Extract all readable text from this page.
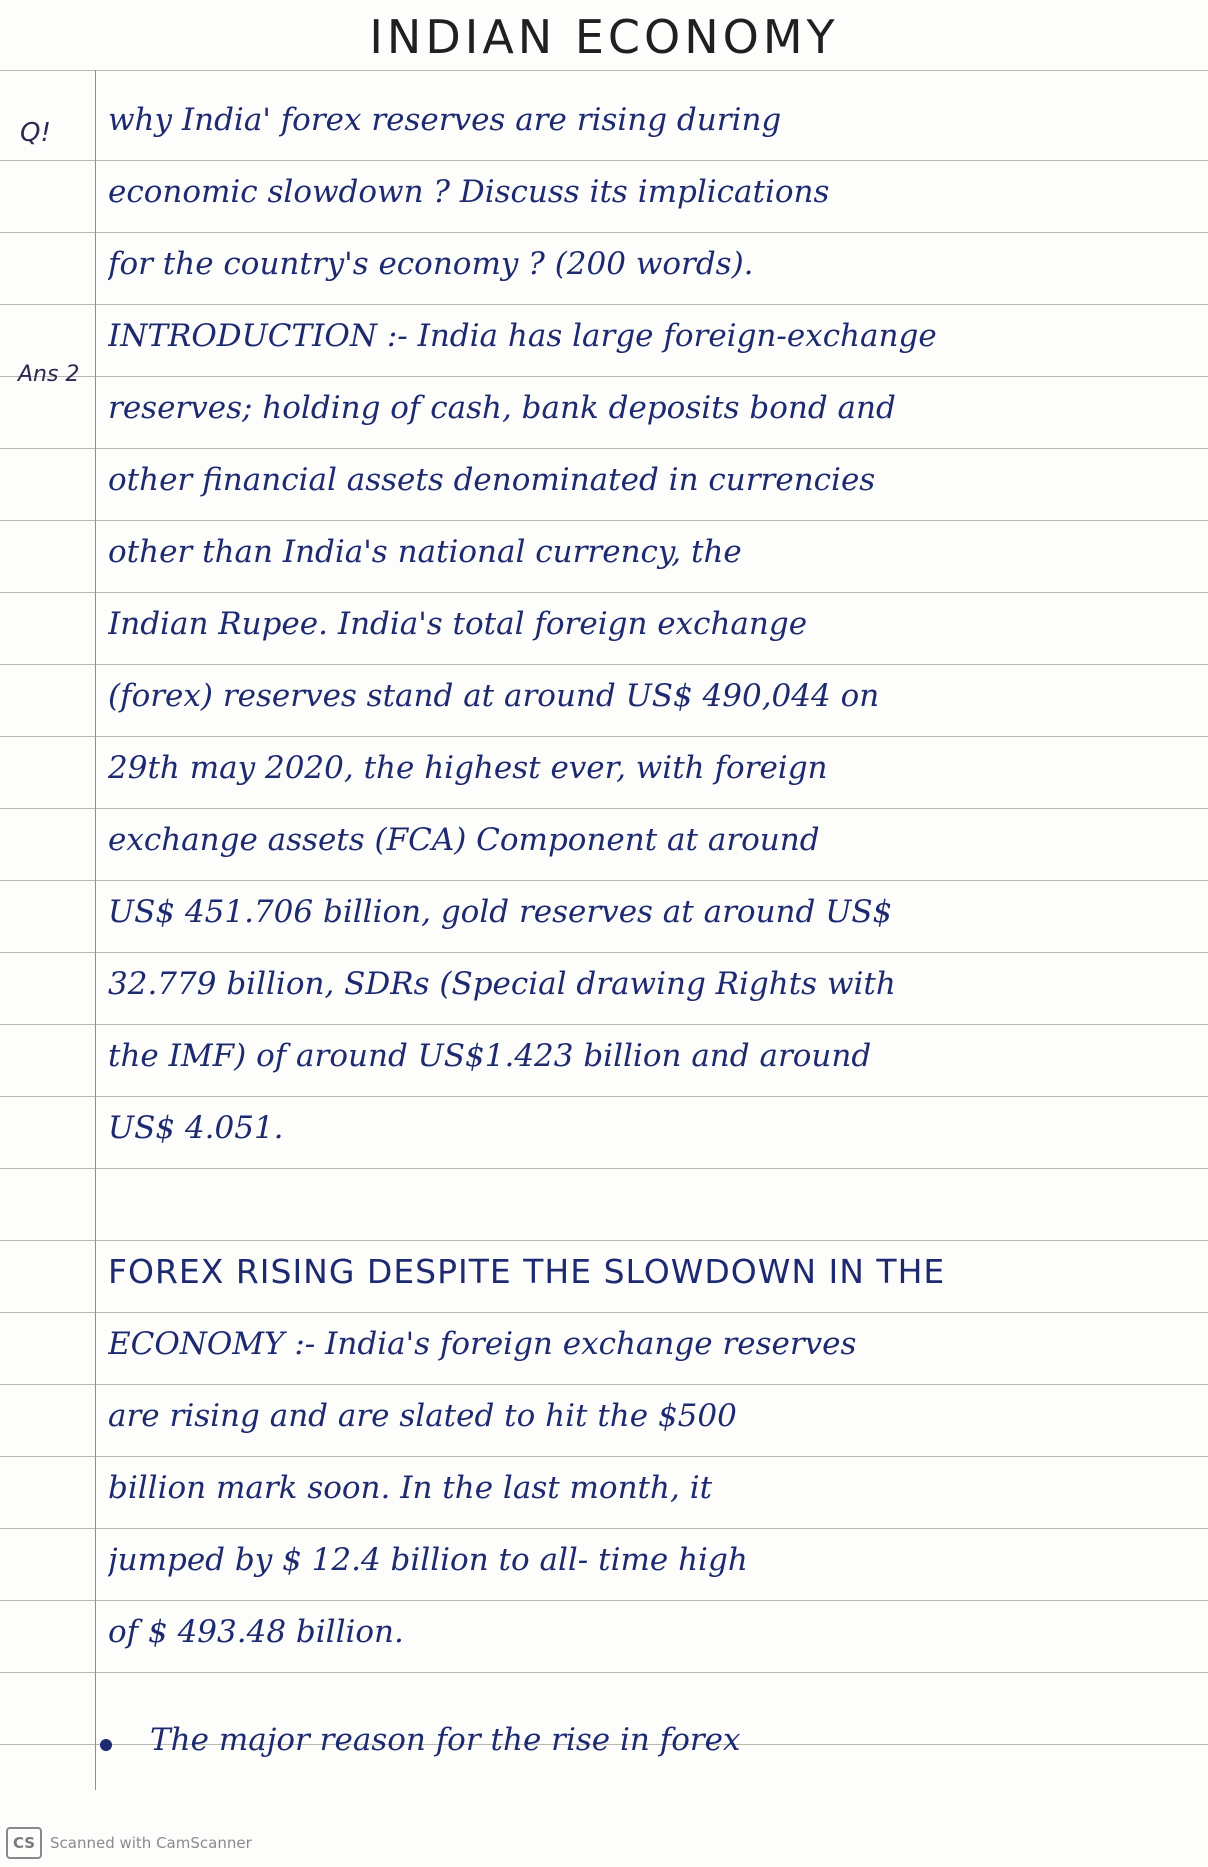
INDIAN ECONOMY
Q!
Ans 2
why India' forex reserves are rising during
economic slowdown ? Discuss its implications
for the country's economy ? (200 words).
INTRODUCTION :- India has large foreign-exchange
reserves; holding of cash, bank deposits bond and
other financial assets denominated in currencies
other than India's national currency, the
Indian Rupee. India's total foreign exchange
(forex) reserves stand at around US$ 490,044 on
29th may 2020, the highest ever, with foreign
exchange assets (FCA) Component at around
US$ 451.706 billion, gold reserves at around US$
32.779 billion, SDRs (Special drawing Rights with
the IMF) of around US$1.423 billion and around
US$ 4.051.
FOREX RISING DESPITE THE SLOWDOWN IN THE
ECONOMY :- India's foreign exchange reserves
are rising and are slated to hit the $500
billion mark soon. In the last month, it
jumped by $ 12.4 billion to all- time high
of $ 493.48 billion.
The major reason for the rise in forex
CS Scanned with CamScanner
